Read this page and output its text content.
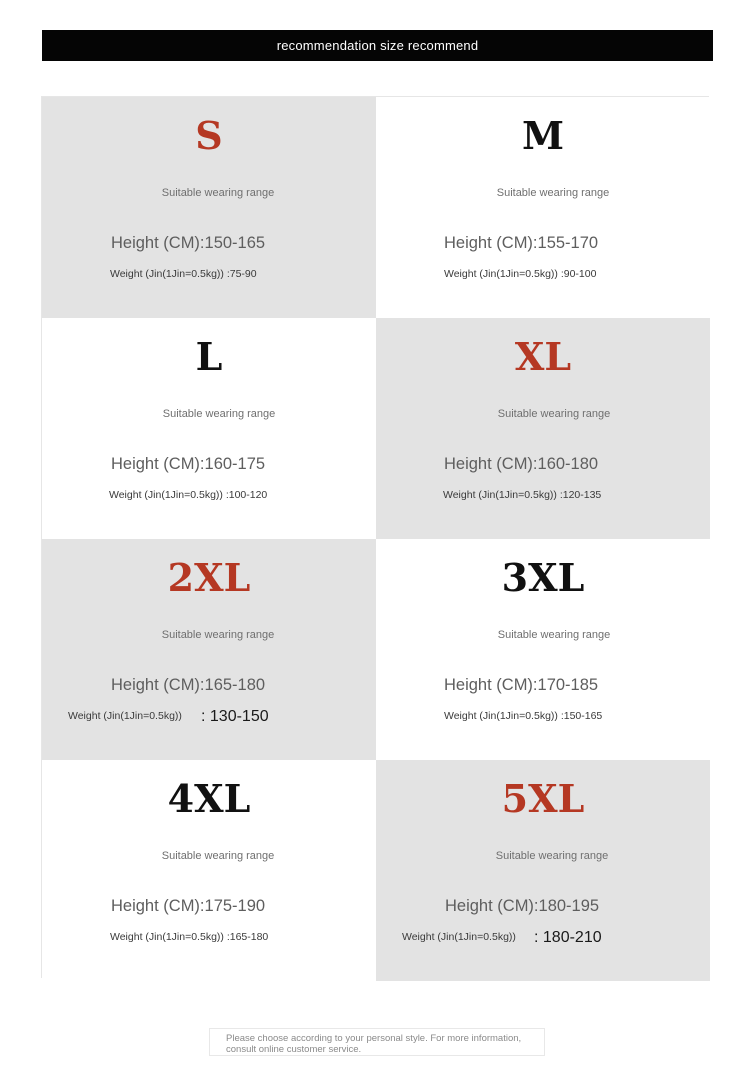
recommendation size recommend
S
Suitable wearing range
Height (CM):150-165
Weight (Jin(1Jin=0.5kg)) :75-90
M
Suitable wearing range
Height (CM):155-170
Weight (Jin(1Jin=0.5kg)) :90-100
L
Suitable wearing range
Height (CM):160-175
Weight (Jin(1Jin=0.5kg)) :100-120
XL
Suitable wearing range
Height (CM):160-180
Weight (Jin(1Jin=0.5kg)) :120-135
2XL
Suitable wearing range
Height (CM):165-180
Weight (Jin(1Jin=0.5kg)) : 130-150
3XL
Suitable wearing range
Height (CM):170-185
Weight (Jin(1Jin=0.5kg)) :150-165
4XL
Suitable wearing range
Height (CM):175-190
Weight (Jin(1Jin=0.5kg)) :165-180
5XL
Suitable wearing range
Height (CM):180-195
Weight (Jin(1Jin=0.5kg)) : 180-210
Please choose according to your personal style. For more information,
consult online customer service.
